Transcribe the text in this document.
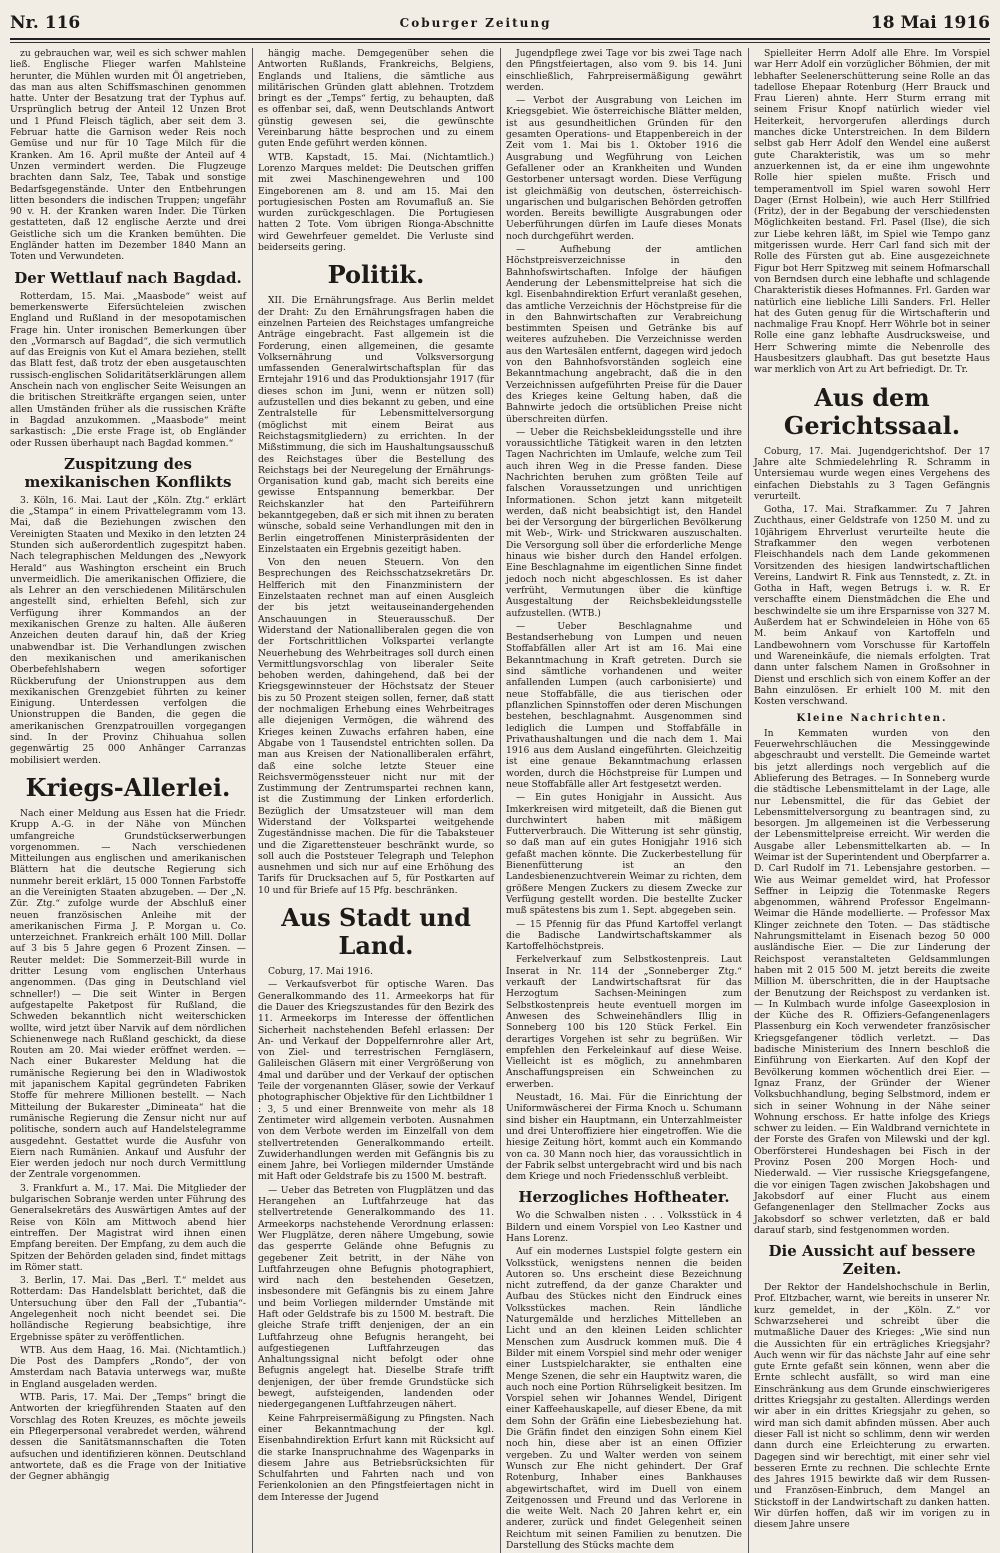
Nr. 116	Coburger Zeitung	18 Mai 1916

zu gebrauchen war, weil es sich schwer mahlen ließ. Englische Flieger warfen Mahlsteine herunter, die Mühlen wurden mit Öl angetrieben, das man aus alten Schiffsmaschinen genommen hatte. Unter der Besatzung trat der Typhus auf. Ursprünglich betrug der Anteil 12 Unzen Brot und 1 Pfund Fleisch täglich, aber seit dem 3. Februar hatte die Garnison weder Reis noch Gemüse und nur für 10 Tage Milch für die Kranken. Am 16. April mußte der Anteil auf 4 Unzen vermindert werden. Die Flugzeuge brachten dann Salz, Tee, Tabak und sonstige Bedarfsgegenstände. Unter den Entbehrungen litten besonders die indischen Truppen; ungefähr 90 v. H. der Kranken waren Inder. Die Türken gestatteten, daß 12 englische Aerzte und drei Geistliche sich um die Kranken bemühten. Die Engländer hatten im Dezember 1840 Mann an Toten und Verwundeten.

Der Wettlauf nach Bagdad.

Rotterdam, 15. Mai. „Maasbode“ weist auf bemerkenswerte Eifersüchteleien zwischen England und Rußland in der mesopotamischen Frage hin. Unter ironischen Bemerkungen über den „Vormarsch auf Bagdad“, die sich vermutlich auf das Ereignis von Kut el Amara beziehen, stellt das Blatt fest, daß trotz der eben ausgetauschten russisch-englischen Solidaritätserklärungen allem Anschein nach von englischer Seite Weisungen an die britischen Streitkräfte ergangen seien, unter allen Umständen früher als die russischen Kräfte in Bagdad anzukommen. „Maasbode“ meint sarkastisch: „Die erste Frage ist, ob Engländer oder Russen überhaupt nach Bagdad kommen.“

Zuspitzung des mexikanischen Konflikts

3. Köln, 16. Mai. Laut der „Köln. Ztg.“ erklärt die „Stampa“ in einem Privattelegramm vom 13. Mai, daß die Beziehungen zwischen den Vereinigten Staaten und Mexiko in den letzten 24 Stunden sich außerordentlich zugespitzt haben. Nach telegraphischen Meldungen des „Newyork Herald“ aus Washington erscheint ein Bruch unvermeidlich. Die amerikanischen Offiziere, die als Lehrer an den verschiedenen Militärschulen angestellt sind, erhielten Befehl, sich zur Verfügung ihrer Kommandos an der mexikanischen Grenze zu halten. Alle äußeren Anzeichen deuten darauf hin, daß der Krieg unabwendbar ist. Die Verhandlungen zwischen den mexikanischen und amerikanischen Oberbefehlshabern wegen sofortiger Rückberufung der Unionstruppen aus dem mexikanischen Grenzgebiet führten zu keiner Einigung. Unterdessen verfolgen die Unionstruppen die Banden, die gegen die amerikanischen Grenzpatrouillen vorgegangen sind. In der Provinz Chihuahua sollen gegenwärtig 25 000 Anhänger Carranzas mobilisiert werden.

Kriegs-Allerlei.

Nach einer Meldung aus Essen hat die Friedr. Krupp A.-G. in der Nähe von München umfangreiche Grundstückserwerbungen vorgenommen. — Nach verschiedenen Mitteilungen aus englischen und amerikanischen Blättern hat die deutsche Regierung sich nunmehr bereit erklärt, 15 000 Tonnen Farbstoffe an die Vereinigten Staaten abzugeben. — Der „N. Zür. Ztg.“ zufolge wurde der Abschluß einer neuen französischen Anleihe mit der amerikanischen Firma J. P. Morgan u. Co. unterzeichnet. Frankreich erhält 100 Mill. Dollar auf 3 bis 5 Jahre gegen 6 Prozent Zinsen. — Reuter meldet: Die Sommerzeit-Bill wurde in dritter Lesung vom englischen Unterhaus angenommen. (Das ging in Deutschland viel schneller!) — Die seit Winter in Bergen aufgestapelte Paketpost für Rußland, die Schweden bekanntlich nicht weiterschicken wollte, wird jetzt über Narvik auf dem nördlichen Schienenwege nach Rußland geschickt, da diese Routen am 20. Mai wieder eröffnet werden. — Nach einer Bukarester Meldung hat die rumänische Regierung bei den in Wladiwostok mit japanischem Kapital gegründeten Fabriken Stoffe für mehrere Millionen bestellt. — Nach Mitteilung der Bukarester „Dimineata“ hat die rumänische Regierung die Zensur nicht nur auf politische, sondern auch auf Handelstelegramme ausgedehnt. Gestattet wurde die Ausfuhr von Eiern nach Rumänien. Ankauf und Ausfuhr der Eier werden jedoch nur noch durch Vermittlung der Zentrale vorgenommen.

3. Frankfurt a. M., 17. Mai. Die Mitglieder der bulgarischen Sobranje werden unter Führung des Generalsekretärs des Auswärtigen Amtes auf der Reise von Köln am Mittwoch abend hier eintreffen. Der Magistrat wird ihnen einen Empfang bereiten. Der Empfang, zu dem auch die Spitzen der Behörden geladen sind, findet mittags im Römer statt.

3. Berlin, 17. Mai. Das „Berl. T.“ meldet aus Rotterdam: Das Handelsblatt berichtet, daß die Untersuchung über den Fall der „Tubantia“-Angelegenheit noch nicht beendet sei. Die holländische Regierung beabsichtige, ihre Ergebnisse später zu veröffentlichen.

WTB. Aus dem Haag, 16. Mai. (Nichtamtlich.) Die Post des Dampfers „Rondo“, der von Amsterdam nach Batavia unterwegs war, mußte in England ausgeladen werden.

WTB. Paris, 17. Mai. Der „Temps“ bringt die Antworten der kriegführenden Staaten auf den Vorschlag des Roten Kreuzes, es möchte jeweils ein Pflegerpersonal verabredet werden, während dessen die Sanitätsmannschaften die Toten aufsuchen und identifizieren können. Deutschland antwortete, daß es die Frage von der Initiative der Gegner abhängig

hängig mache. Demgegenüber sehen die Antworten Rußlands, Frankreichs, Belgiens, Englands und Italiens, die sämtliche aus militärischen Gründen glatt ablehnen. Trotzdem bringt es der „Temps“ fertig, zu behaupten, daß es offenbar sei, daß, wenn Deutschlands Antwort günstig gewesen sei, die gewünschte Vereinbarung hätte besprochen und zu einem guten Ende geführt werden können.

WTB. Kapstadt, 15. Mai. (Nichtamtlich.) Lorenzo Marques meldet: Die Deutschen griffen mit zwei Maschinengewehren und 100 Eingeborenen am 8. und am 15. Mai den portugiesischen Posten am Rovumafluß an. Sie wurden zurückgeschlagen. Die Portugiesen hatten 2 Tote. Vom übrigen Rionga-Abschnitte wird Gewehrfeuer gemeldet. Die Verluste sind beiderseits gering.

Politik.

XII. Die Ernährungsfrage. Aus Berlin meldet der Draht: Zu den Ernährungsfragen haben die einzelnen Parteien des Reichstages umfangreiche Anträge eingebracht. Fast allgemein ist die Forderung, einen allgemeinen, die gesamte Volksernährung und Volksversorgung umfassenden Generalwirtschaftsplan für das Erntejahr 1916 und das Produktionsjahr 1917 (für dieses schon im Juni, wenn er nützen soll) aufzustellen und dies bekannt zu geben, und eine Zentralstelle für Lebensmittelversorgung (möglichst mit einem Beirat aus Reichstagsmitgliedern) zu errichten. In der Mißstimmung, die sich im Haushaltungsausschuß des Reichstages über die Bestellung des Reichstags bei der Neuregelung der Ernährungs-Organisation kund gab, macht sich bereits eine gewisse Entspannung bemerkbar. Der Reichskanzler hat den Parteiführern bekanntgegeben, daß er sich mit ihnen zu beraten wünsche, sobald seine Verhandlungen mit den in Berlin eingetroffenen Ministerpräsidenten der Einzelstaaten ein Ergebnis gezeitigt haben.

Von den neuen Steuern. Von den Besprechungen des Reichsschatzsekretärs Dr. Helfferich mit den Finanzministern der Einzelstaaten rechnet man auf einen Ausgleich der bis jetzt weitauseinandergehenden Anschauungen in Steuerausschuß. Der Widerstand der Nationalliberalen gegen die von der Fortschrittlichen Volkspartei verlangte Neuerhebung des Wehrbeitrages soll durch einen Vermittlungsvorschlag von liberaler Seite behoben werden, dahingehend, daß bei der Kriegsgewinnsteuer der Höchstsatz der Steuer bis zu 50 Prozent steigen sollen, ferner, daß statt der nochmaligen Erhebung eines Wehrbeitrages alle diejenigen Vermögen, die während des Krieges keinen Zuwachs erfahren haben, eine Abgabe von 1 Tausendstel entrichten sollen. Da man aus Kreisen der Nationalliberalen erfährt, daß eine solche letzte Steuer eine Reichsvermögenssteuer nicht nur mit der Zustimmung der Zentrumspartei rechnen kann, ist die Zustimmung der Linken erforderlich. Bezüglich der Umsatzsteuer will man dem Widerstand der Volkspartei weitgehende Zugeständnisse machen. Die für die Tabaksteuer und die Zigarettensteuer beschränkt wurde, so soll auch die Poststeuer Telegraph und Telephon ausnehmen und sich nur auf eine Erhöhung des Tarifs für Drucksachen auf 5, für Postkarten auf 10 und für Briefe auf 15 Pfg. beschränken.

Aus Stadt und Land.

Coburg, 17. Mai 1916.

— Verkaufsverbot für optische Waren. Das Generalkommando des 11. Armeekorps hat für die Dauer des Kriegszustandes für den Bezirk des 11. Armeekorps im Interesse der öffentlichen Sicherheit nachstehenden Befehl erlassen: Der An- und Verkauf der Doppelfernrohre aller Art, von Ziel- und terrestrischen Ferngläsern, Galileischen Gläsern mit einer Vergrößerung von 4mal und darüber und der Verkauf der optischen Teile der vorgenannten Gläser, sowie der Verkauf photographischer Objektive für den Lichtbildner 1 : 3, 5 und einer Brennweite von mehr als 18 Zentimeter wird allgemein verboten. Ausnahmen von dem Verbote werden im Einzelfall von dem stellvertretenden Generalkommando erteilt. Zuwiderhandlungen werden mit Gefängnis bis zu einem Jahre, bei Vorliegen mildernder Umstände mit Haft oder Geldstrafe bis zu 1500 M. bestraft.

— Ueber das Betreten von Flugplätzen und das Herangehen an Luftfahrzeuge hat das stellvertretende Generalkommando des 11. Armeekorps nachstehende Verordnung erlassen: Wer Flugplätze, deren nähere Umgebung, sowie das gesperrte Gelände ohne Befugnis zu gegebener Zeit betritt, in der Nähe von Luftfahrzeugen ohne Befugnis photographiert, wird nach den bestehenden Gesetzen, insbesondere mit Gefängnis bis zu einem Jahre und beim Vorliegen mildernder Umstände mit Haft oder Geldstrafe bis zu 1500 M. bestraft. Die gleiche Strafe trifft denjenigen, der an ein Luftfahrzeug ohne Befugnis herangeht, bei aufgestiegenen Luftfahrzeugen das Anhaltungssignal nicht befolgt oder ohne Befugnis angelegt hat. Dieselbe Strafe trifft denjenigen, der über fremde Grundstücke sich bewegt, aufsteigenden, landenden oder niedergegangenen Luftfahrzeugen nähert.

Keine Fahrpreisermäßigung zu Pfingsten. Nach einer Bekanntmachung der kgl. Eisenbahndirektion Erfurt kann mit Rücksicht auf die starke Inanspruchnahme des Wagenparks in diesem Jahre aus Betriebsrücksichten für Schulfahrten und Fahrten nach und von Ferienkolonien an den Pfingstfeiertagen nicht in dem Interesse der Jugend

Jugendpflege zwei Tage vor bis zwei Tage nach den Pfingstfeiertagen, also vom 9. bis 14. Juni einschließlich, Fahrpreisermäßigung gewährt werden.

— Verbot der Ausgrabung von Leichen im Kriegsgebiet. Wie österreichische Blätter melden, ist aus gesundheitlichen Gründen für den gesamten Operations- und Etappenbereich in der Zeit vom 1. Mai bis 1. Oktober 1916 die Ausgrabung und Wegführung von Leichen Gefallener oder an Krankheiten und Wunden Gestorbener untersagt worden. Diese Verfügung ist gleichmäßig von deutschen, österreichisch-ungarischen und bulgarischen Behörden getroffen worden. Bereits bewilligte Ausgrabungen oder Ueberführungen dürfen im Laufe dieses Monats noch durchgeführt werden.

— Aufhebung der amtlichen Höchstpreisverzeichnisse in den Bahnhofswirtschaften. Infolge der häufigen Aenderung der Lebensmittelpreise hat sich die kgl. Eisenbahndirektion Erfurt veranlaßt gesehen, das amtliche Verzeichnis der Höchstpreise für die in den Bahnwirtschaften zur Verabreichung bestimmten Speisen und Getränke bis auf weiteres aufzuheben. Die Verzeichnisse werden aus den Wartesälen entfernt, dagegen wird jedoch von den Bahnhofsvorständen sogleich eine Bekanntmachung angebracht, daß die in den Verzeichnissen aufgeführten Preise für die Dauer des Krieges keine Geltung haben, daß die Bahnwirte jedoch die ortsüblichen Preise nicht überschreiten dürfen.

— Ueber die Reichsbekleidungsstelle und ihre voraussichtliche Tätigkeit waren in den letzten Tagen Nachrichten im Umlaufe, welche zum Teil auch ihren Weg in die Presse fanden. Diese Nachrichten beruhen zum größten Teile auf falschen Voraussetzungen und unrichtigen Informationen. Schon jetzt kann mitgeteilt werden, daß nicht beabsichtigt ist, den Handel bei der Versorgung der bürgerlichen Bevölkerung mit Web-, Wirk- und Strickwaren auszuschalten. Die Versorgung soll über die erforderliche Menge hinaus wie bisher durch den Handel erfolgen. Eine Beschlagnahme im eigentlichen Sinne findet jedoch noch nicht abgeschlossen. Es ist daher verfrüht, Vermutungen über die künftige Ausgestaltung der Reichsbekleidungsstelle aufzustellen. (WTB.)

— Ueber Beschlagnahme und Bestandserhebung von Lumpen und neuen Stoffabfällen aller Art ist am 16. Mai eine Bekanntmachung in Kraft getreten. Durch sie sind sämtliche vorhandenen und weiter anfallenden Lumpen (auch carbonisierte) und neue Stoffabfälle, die aus tierischen oder pflanzlichen Spinnstoffen oder deren Mischungen bestehen, beschlagnahmt. Ausgenommen sind lediglich die Lumpen und Stoffabfälle in Privathaushaltungen und die nach dem 1. Mai 1916 aus dem Ausland eingeführten. Gleichzeitig ist eine genaue Bekanntmachung erlassen worden, durch die Höchstpreise für Lumpen und neue Stoffabfälle aller Art festgesetzt werden.

— Ein gutes Honigjahr in Aussicht. Aus Imkerkreisen wird mitgeteilt, daß die Bienen gut durchwintert haben mit mäßigem Futterverbrauch. Die Witterung ist sehr günstig, so daß man auf ein gutes Honigjahr 1916 sich gefaßt machen könnte. Die Zuckerbestellung für Bienenfütterung ist an den Landesbienenzuchtverein Weimar zu richten, dem größere Mengen Zuckers zu diesem Zwecke zur Verfügung gestellt worden. Die bestellte Zucker muß spätestens bis zum 1. Sept. abgegeben sein.

— 15 Pfennig für das Pfund Kartoffel verlangt die Badische Landwirtschaftskammer als Kartoffelhöchstpreis.

Ferkelverkauf zum Selbstkostenpreis. Laut Inserat in Nr. 114 der „Sonneberger Ztg.“ verkauft der Landwirtschaftsrat für das Herzogtum Sachsen-Meiningen zum Selbstkostenpreis heute eventuell morgen im Anwesen des Schweinehändlers Illig in Sonneberg 100 bis 120 Stück Ferkel. Ein derartiges Vorgehen ist sehr zu begrüßen. Wir empfehlen den Ferkeleinkauf auf diese Weise. Vielleicht ist es möglich, zu annehmbaren Anschaffungspreisen ein Schweinchen zu erwerben.

Neustadt, 16. Mai. Für die Einrichtung der Uniformwäscherei der Firma Knoch u. Schumann sind bisher ein Hauptmann, ein Unterzahlmeister und drei Unteroffiziere hier eingetroffen. Wie die hiesige Zeitung hört, kommt auch ein Kommando von ca. 30 Mann noch hier, das voraussichtlich in der Fabrik selbst untergebracht wird und bis nach dem Kriege und noch Friedensschluß verbleibt.

Herzogliches Hoftheater.

Wo die Schwalben nisten . . . Volksstück in 4 Bildern und einem Vorspiel von Leo Kastner und Hans Lorenz.

Auf ein modernes Lustspiel folgte gestern ein Volksstück, wenigstens nennen die beiden Autoren so. Uns erscheint diese Bezeichnung nicht zutreffend, da der ganze Charakter und Aufbau des Stückes nicht den Eindruck eines Volksstückes machen. Rein ländliche Naturgemälde und herzliches Mittelleben an Licht und an den kleinen Leiden schlichter Menschen zum Ausdruck kommen muß. Die 4 Bilder mit einem Vorspiel sind mehr oder weniger einer Lustspielcharakter, sie enthalten eine Menge Szenen, die sehr ein Hauptwitz waren, die auch noch eine Portion Rührseligkeit besitzen. Im Vorspiel sehen wir Johannes Wendel, Dirigent einer Kaffeehauskapelle, auf dieser Ebene, da mit dem Sohn der Gräfin eine Liebesbeziehung hat. Die Gräfin findet den einzigen Sohn einem Kiel noch hin, diese aber ist an einen Offizier vergeben. Zu und Walter werden von seinem Wunsch zur Ehe nicht gehindert. Der Graf Rotenburg, Inhaber eines Bankhauses abgewirtschaftet, wird im Duell von einem Zeitgenossen und Freund und das Verlorene in die weite Welt. Nach 20 Jahren kehrt er, ein anderer, zurück und findet Gelegenheit seinen Reichtum mit seinen Familien zu benutzen. Die Darstellung des Stücks machte dem

Spielleiter Herrn Adolf alle Ehre. Im Vorspiel war Herr Adolf ein vorzüglicher Böhmien, der mit lebhafter Seelenerschütterung seine Rolle an das tadellose Ehepaar Rotenburg (Herr Brauck und Frau Lieren) ahnte. Herr Sturm errang mit seinem Frisur Knopf natürlich wieder viel Heiterkeit, hervorgerufen allerdings durch manches dicke Unterstreichen. In dem Bildern selbst gab Herr Adolf den Wendel eine außerst gute Charakteristik, was um so mehr anzuerkennen ist, da er eine ihm ungewohnte Rolle hier spielen mußte. Frisch und temperamentvoll im Spiel waren sowohl Herr Dager (Ernst Holbein), wie auch Herr Stillfried (Fritz), der in der Begabung der verschiedensten Möglichkeiten bestand. Frl. Pasel (Ilse), die sich zur Liebe kehren läßt, im Spiel wie Tempo ganz mitgerissen wurde. Herr Carl fand sich mit der Rolle des Fürsten gut ab. Eine ausgezeichnete Figur bot Herr Spitzweg mit seinem Hofmarschall von Berndsen durch eine lebhafte und schlagende Charakteristik dieses Hofmannes. Frl. Garden war natürlich eine liebliche Lilli Sanders. Frl. Heller hat des Guten genug für die Wirtschafterin und nachmalige Frau Knopf. Herr Wöhrle bot in seiner Rolle eine ganz lebhafte Ausdrucksweise, und Herr Schwering mimte die Nebenrolle des Hausbesitzers glaubhaft. Das gut besetzte Haus war merklich von Art zu Art befriedigt. Dr. Tr.

Aus dem Gerichtssaal.

Coburg, 17. Mai. Jugendgerichtshof. Der 17 Jahre alte Schmiedelehrling R. Schramm in Untersiemau wurde wegen eines Vergehens des einfachen Diebstahls zu 3 Tagen Gefängnis verurteilt.

Gotha, 17. Mai. Strafkammer. Zu 7 Jahren Zuchthaus, einer Geldstrafe von 1250 M. und zu 10jährigem Ehrverlust verurteilte heute die Strafkammer den wegen verbotenen Fleischhandels nach dem Lande gekommenen Vorsitzenden des hiesigen landwirtschaftlichen Vereins, Landwirt R. Fink aus Tennstedt, z. Zt. in Gotha in Haft, wegen Betrugs i. w. R. Er verschaffte einem Dienstmädchen die Ehe und beschwindelte sie um ihre Ersparnisse von 327 M. Außerdem hat er Schwindeleien in Höhe von 65 M. beim Ankauf von Kartoffeln und Landbewohnern vom Vorschusse für Kartoffeln und Wareneinkäufe, die niemals erfolgten. Trat dann unter falschem Namen in Großsohner in Dienst und erschlich sich von einem Koffer an der Bahn einzulösen. Er erhielt 100 M. mit den Kosten verschwand.

Kleine Nachrichten.

In Kemmaten wurden von den Feuerwehrschläuchen die Messinggewinde abgeschraubt und verstellt. Die Gemeinde wartet bis jetzt allerdings noch vergeblich auf die Ablieferung des Betrages. — In Sonneberg wurde die städtische Lebensmittelamt in der Lage, alle nur Lebensmittel, die für das Gebiet der Lebensmittelversorgung zu beantragen sind, zu besorgen. Jm allgemeinen ist die Verbesserung der Lebensmittelpreise erreicht. Wir werden die Ausgabe aller Lebensmittelkarten ab. — In Weimar ist der Superintendent und Oberpfarrer a. D. Carl Rudolf im 71. Lebensjahre gestorben. — Wie aus Weimar gemeldet wird, hat Professor Seffner in Leipzig die Totenmaske Regers abgenommen, während Professor Engelmann-Weimar die Hände modellierte. — Professor Max Klinger zeichnete den Toten. — Das städtische Nahrungsmittelamt in Eisenach bezog 50 000 ausländische Eier. — Die zur Linderung der Reichspost veranstalteten Geldsammlungen haben mit 2 015 500 M. jetzt bereits die zweite Million M. überschritten, die in der Hauptsache der Benutzung der Reichspost zu verdanken ist. — In Kulmbach wurde infolge Gaseexplosion in der Küche des R. Offiziers-Gefangenenlagers Plassenburg ein Koch verwendeter französischer Kriegsgefangener tödlich verletzt. — Das badische Ministerium des Innern beschloß die Einführung von Eierkarten. Auf den Kopf der Bevölkerung kommen wöchentlich drei Eier. — Ignaz Franz, der Gründer der Wiener Volksbuchhandlung, beging Selbstmord, indem er sich in seiner Wohnung in der Nähe seiner Wohnung erschoss. Er hatte infolge des Kriegs schwer zu leiden. — Ein Waldbrand vernichtete in der Forste des Grafen von Milewski und der kgl. Oberförsterei Hundeshagen bei Fisch in der Provinz Posen 200 Morgen Hoch- und Niederwald. — Vier russische Kriegsgefangene, die vor einigen Tagen zwischen Jakobshagen und Jakobsdorf auf einer Flucht aus einem Gefangenenlager den Stellmacher Zocks aus Jakobsdorf so schwer verletzten, daß er bald darauf starb, sind festgenommen worden.

Die Aussicht auf bessere Zeiten.

Der Rektor der Handelshochschule in Berlin, Prof. Eltzbacher, warnt, wie bereits in unserer Nr. kurz gemeldet, in der „Köln. Z.“ vor Schwarzseherei und schreibt über die mutmaßliche Dauer des Krieges: „Wie sind nun die Aussichten für ein erträgliches Kriegsjahr? Auch wenn wir für das nächste Jahr auf eine sehr gute Ernte gefaßt sein können, wenn aber die Ernte schlecht ausfällt, so wird man eine Einschränkung aus dem Grunde einschwierigeres drittes Kriegsjahr zu gestalten. Allerdings werden wir aber in ein drittes Kriegsjahr zu gehen, so wird man sich damit abfinden müssen. Aber auch dieser Fall ist nicht so schlimm, denn wir werden dann durch eine Erleichterung zu erwarten. Dagegen sind wir berechtigt, mit einer sehr viel besseren Ernte zu rechnen. Die schlechte Ernte des Jahres 1915 bewirkte daß wir dem Russen- und Französen-Einbruch, dem Mangel an Stickstoff in der Landwirtschaft zu danken hatten. Wir dürfen hoffen, daß wir im vorigen zu in diesem Jahre unsere
